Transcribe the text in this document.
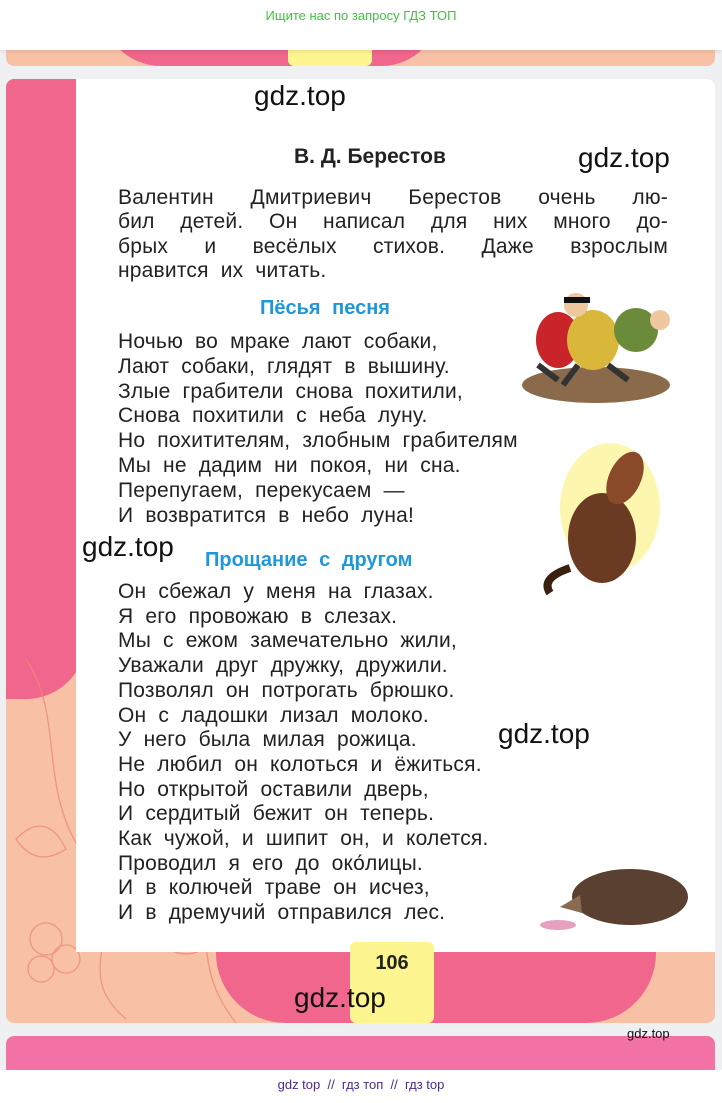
Ищите нас по запросу ГДЗ ТОП
106
gdz.top
gdz.top
gdz.top
gdz.top
gdz.top
gdz.top
В. Д. Берестов
Валентин Дмитриевич Берестов очень лю-
бил детей. Он написал для них много до-
брых и весёлых стихов. Даже взрослым
нравится их читать.
Пёсья песня
Ночью во мраке лают собаки,
Лают собаки, глядят в вышину.
Злые грабители снова похитили,
Снова похитили с неба луну.
Но похитителям, злобным грабителям
Мы не дадим ни покоя, ни сна.
Перепугаем, перекусаем —
И возвратится в небо луна!
Прощание с другом
Он сбежал у меня на глазах.
Я его провожаю в слезах.
Мы с ежом замечательно жили,
Уважали друг дружку, дружили.
Позволял он потрогать брюшко.
Он с ладошки лизал молоко.
У него была милая рожица.
Не любил он колоться и ёжиться.
Но открытой оставили дверь,
И сердитый бежит он теперь.
Как чужой, и шипит он, и колется.
Проводил я его до око́лицы.
И в колючей траве он исчез,
И в дремучий отправился лес.
gdz top  //  гдз топ  //  гдз top
